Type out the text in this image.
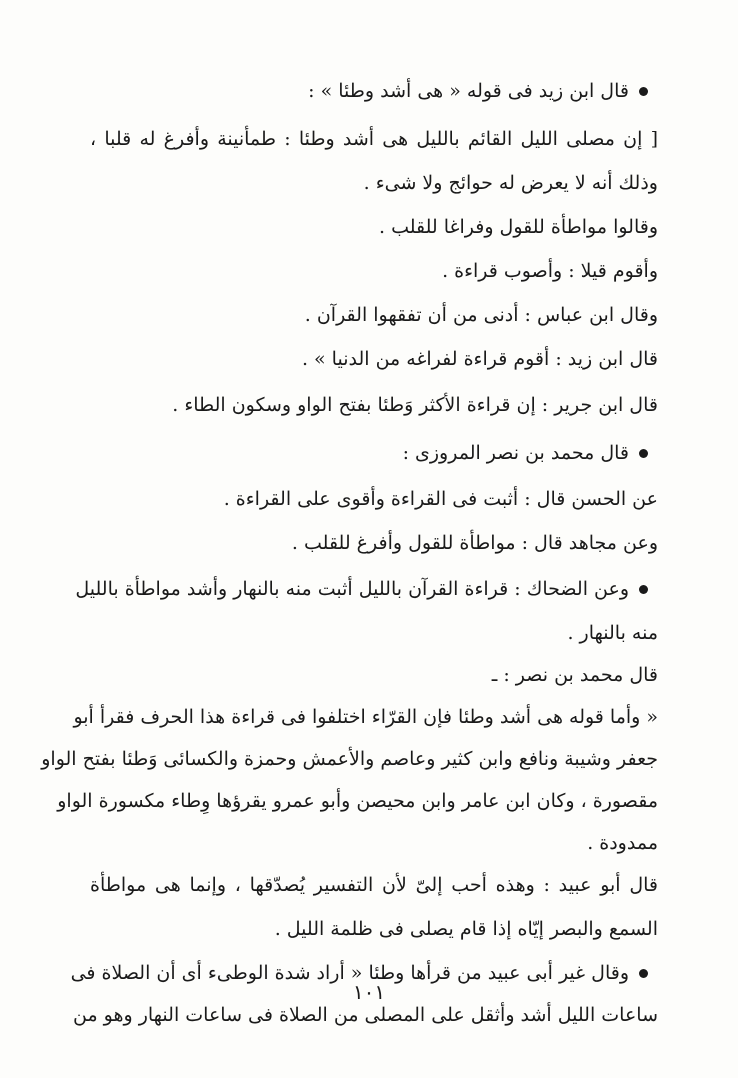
قال ابن زيد فى قوله « هى أشد وطئا » :
[ إن مصلى الليل القائم بالليل هى أشد وطئا : طمأنينة وأفرغ له قلبا ،
وذلك أنه لا يعرض له حوائج ولا شىء .
وقالوا مواطأة للقول وفراغا للقلب .
وأقوم قيلا : وأصوب قراءة .
وقال ابن عباس : أدنى من أن تفقهوا القرآن .
قال ابن زيد : أقوم قراءة لفراغه من الدنيا » .
قال ابن جرير : إن قراءة الأكثر وَطئا بفتح الواو وسكون الطاء .
قال محمد بن نصر المروزى :
عن الحسن قال : أثبت فى القراءة وأقوى على القراءة .
وعن مجاهد قال : مواطأة للقول وأفرغ للقلب .
وعن الضحاك : قراءة القرآن بالليل أثبت منه بالنهار وأشد مواطأة بالليل
منه بالنهار .
قال محمد بن نصر : ـ
« وأما قوله هى أشد وطئا فإن القرّاء اختلفوا فى قراءة هذا الحرف فقرأ أبو
جعفر وشيبة ونافع وابن كثير وعاصم والأعمش وحمزة والكسائى وَطئا بفتح الواو
مقصورة ، وكان ابن عامر وابن محيصن وأبو عمرو يقرؤها وِطاء مكسورة الواو
ممدودة .
قال أبو عبيد : وهذه أحب إلىّ لأن التفسير يُصدّقها ، وإنما هى مواطأة
السمع والبصر إيّاه إذا قام يصلى فى ظلمة الليل .
وقال غير أبى عبيد من قرأها وطئا « أراد شدة الوطىء أى أن الصلاة فى
ساعات الليل أشد وأثقل على المصلى من الصلاة فى ساعات النهار وهو من
١٠١
